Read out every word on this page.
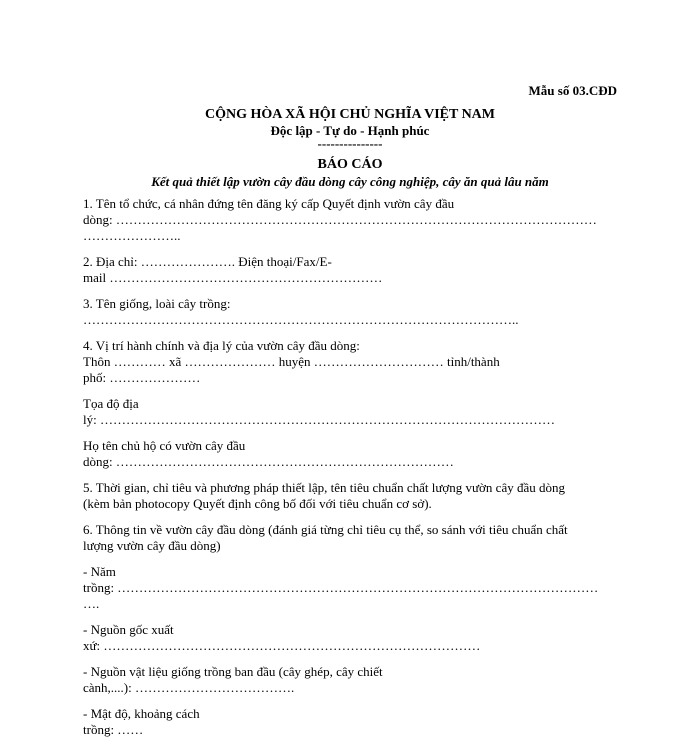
Mẫu số 03.CĐD
CỘNG HÒA XÃ HỘI CHỦ NGHĨA VIỆT NAM
Độc lập - Tự do - Hạnh phúc
---------------
BÁO CÁO
Kết quả thiết lập vườn cây đầu dòng cây công nghiệp, cây ăn quả lâu năm
1. Tên tổ chức, cá nhân đứng tên đăng ký cấp Quyết định vườn cây đầu
dòng: …………………………………………………………………………………………………
…………………..
2. Địa chỉ: …………………. Điện thoại/Fax/E-
mail ………………………………………………………
3. Tên giống, loài cây trồng:
………………………………………………………………………………………..
4. Vị trí hành chính và địa lý của vườn cây đầu dòng:
Thôn ………… xã ………………… huyện ………………………… tỉnh/thành
phố: …………………
Tọa độ địa
lý: ……………………………………………………………………………………………
Họ tên chủ hộ có vườn cây đầu
dòng: ……………………………………………………………………
5. Thời gian, chỉ tiêu và phương pháp thiết lập, tên tiêu chuẩn chất lượng vườn cây đầu dòng
(kèm bản photocopy Quyết định công bố đối với tiêu chuẩn cơ sở).
6. Thông tin về vườn cây đầu dòng (đánh giá từng chỉ tiêu cụ thể, so sánh với tiêu chuẩn chất
lượng vườn cây đầu dòng)
- Năm
trồng: …………………………………………………………………………………………………
….
- Nguồn gốc xuất
xứ: ……………………………………………………………………………
- Nguồn vật liệu giống trồng ban đầu (cây ghép, cây chiết
cành,....): ……………………………….
- Mật độ, khoảng cách
trồng: ……
